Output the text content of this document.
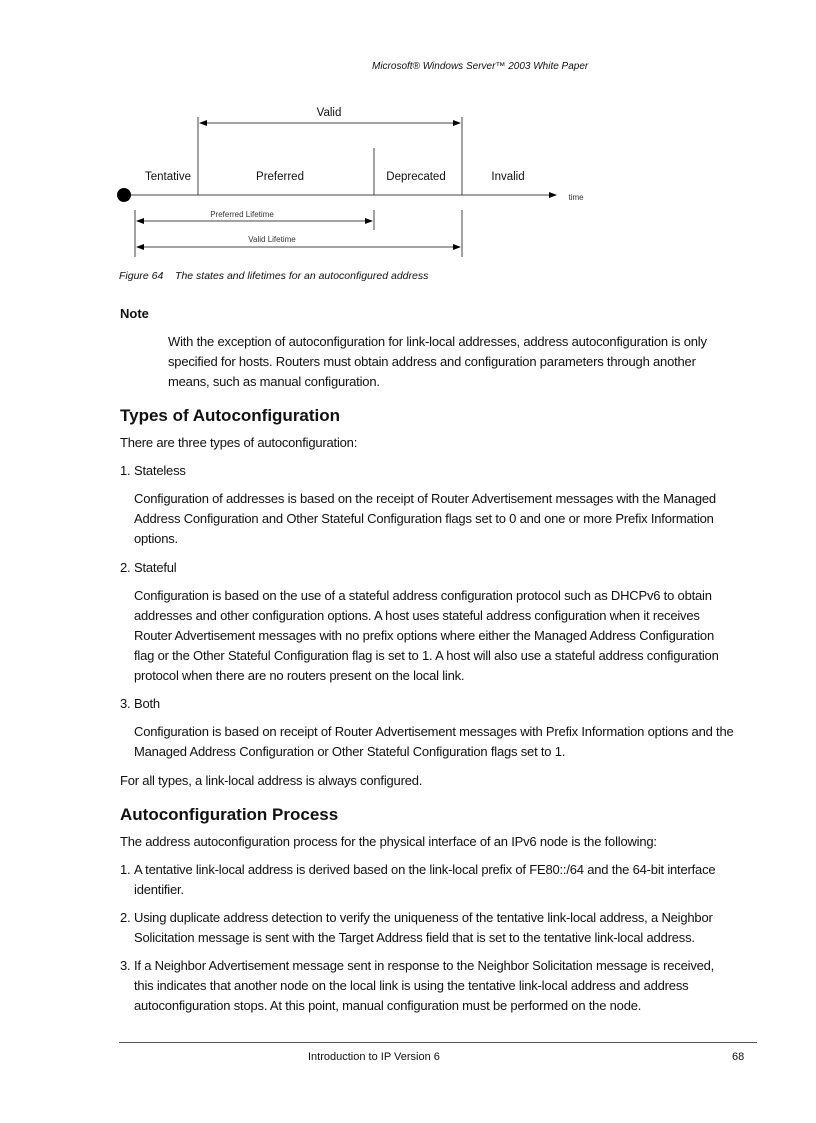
Microsoft® Windows Server™ 2003 White Paper
Valid
Tentative	Preferred	Deprecated	Invalid
time
Preferred Lifetime
Valid Lifetime
Figure 64    The states and lifetimes for an autoconfigured address
Note
With the exception of autoconfiguration for link-local addresses, address autoconfiguration is only specified for hosts. Routers must obtain address and configuration parameters through another means, such as manual configuration.
Types of Autoconfiguration
There are three types of autoconfiguration:
1. Stateless
Configuration of addresses is based on the receipt of Router Advertisement messages with the Managed Address Configuration and Other Stateful Configuration flags set to 0 and one or more Prefix Information options.
2. Stateful
Configuration is based on the use of a stateful address configuration protocol such as DHCPv6 to obtain addresses and other configuration options. A host uses stateful address configuration when it receives Router Advertisement messages with no prefix options where either the Managed Address Configuration flag or the Other Stateful Configuration flag is set to 1. A host will also use a stateful address configuration protocol when there are no routers present on the local link.
3. Both
Configuration is based on receipt of Router Advertisement messages with Prefix Information options and the Managed Address Configuration or Other Stateful Configuration flags set to 1.
For all types, a link-local address is always configured.
Autoconfiguration Process
The address autoconfiguration process for the physical interface of an IPv6 node is the following:
1. A tentative link-local address is derived based on the link-local prefix of FE80::/64 and the 64-bit interface identifier.
2. Using duplicate address detection to verify the uniqueness of the tentative link-local address, a Neighbor Solicitation message is sent with the Target Address field that is set to the tentative link-local address.
3. If a Neighbor Advertisement message sent in response to the Neighbor Solicitation message is received, this indicates that another node on the local link is using the tentative link-local address and address autoconfiguration stops. At this point, manual configuration must be performed on the node.
Introduction to IP Version 6	68
